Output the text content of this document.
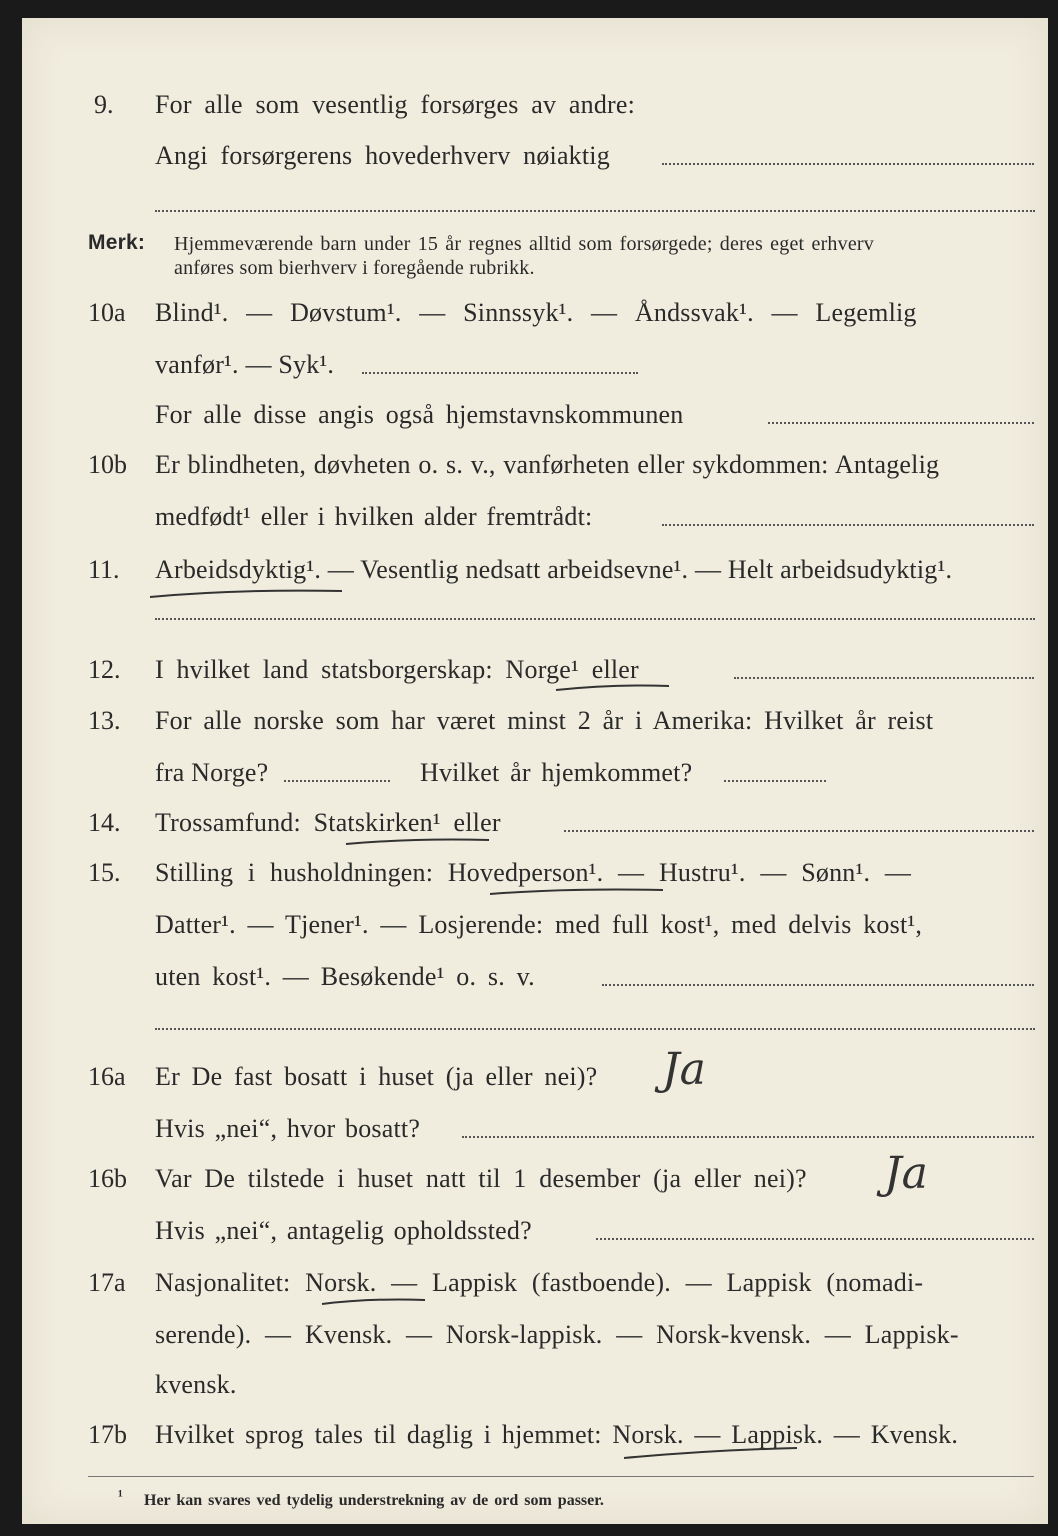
9. For alle som vesentlig forsørges av andre:
Angi forsørgerens hovederhverv nøiaktig
Merk: Hjemmeværende barn under 15 år regnes alltid som forsørgede; deres eget erhverv
anføres som bierhverv i foregående rubrikk.
10a Blind¹. — Døvstum¹. — Sinnssyk¹. — Åndssvak¹. — Legemlig
vanfør¹. — Syk¹.
For alle disse angis også hjemstavnskommunen
10b Er blindheten, døvheten o. s. v., vanførheten eller sykdommen: Antagelig
medfødt¹ eller i hvilken alder fremtrådt:
11. Arbeidsdyktig¹. — Vesentlig nedsatt arbeidsevne¹. — Helt arbeidsudyktig¹.
12. I hvilket land statsborgerskap: Norge¹ eller
13. For alle norske som har været minst 2 år i Amerika: Hvilket år reist
fra Norge?	Hvilket år hjemkommet?
14. Trossamfund: Statskirken¹ eller
15. Stilling i husholdningen: Hovedperson¹. — Hustru¹. — Sønn¹. —
Datter¹. — Tjener¹. — Losjerende: med full kost¹, med delvis kost¹,
uten kost¹. — Besøkende¹ o. s. v.
16a Er De fast bosatt i huset (ja eller nei)? Ja
Hvis „nei“, hvor bosatt?
16b Var De tilstede i huset natt til 1 desember (ja eller nei)? Ja
Hvis „nei“, antagelig opholdssted?
17a Nasjonalitet: Norsk. — Lappisk (fastboende). — Lappisk (nomadi-
serende). — Kvensk. — Norsk-lappisk. — Norsk-kvensk. — Lappisk-
kvensk.
17b Hvilket sprog tales til daglig i hjemmet: Norsk. — Lappisk. — Kvensk.
¹ Her kan svares ved tydelig understrekning av de ord som passer.
